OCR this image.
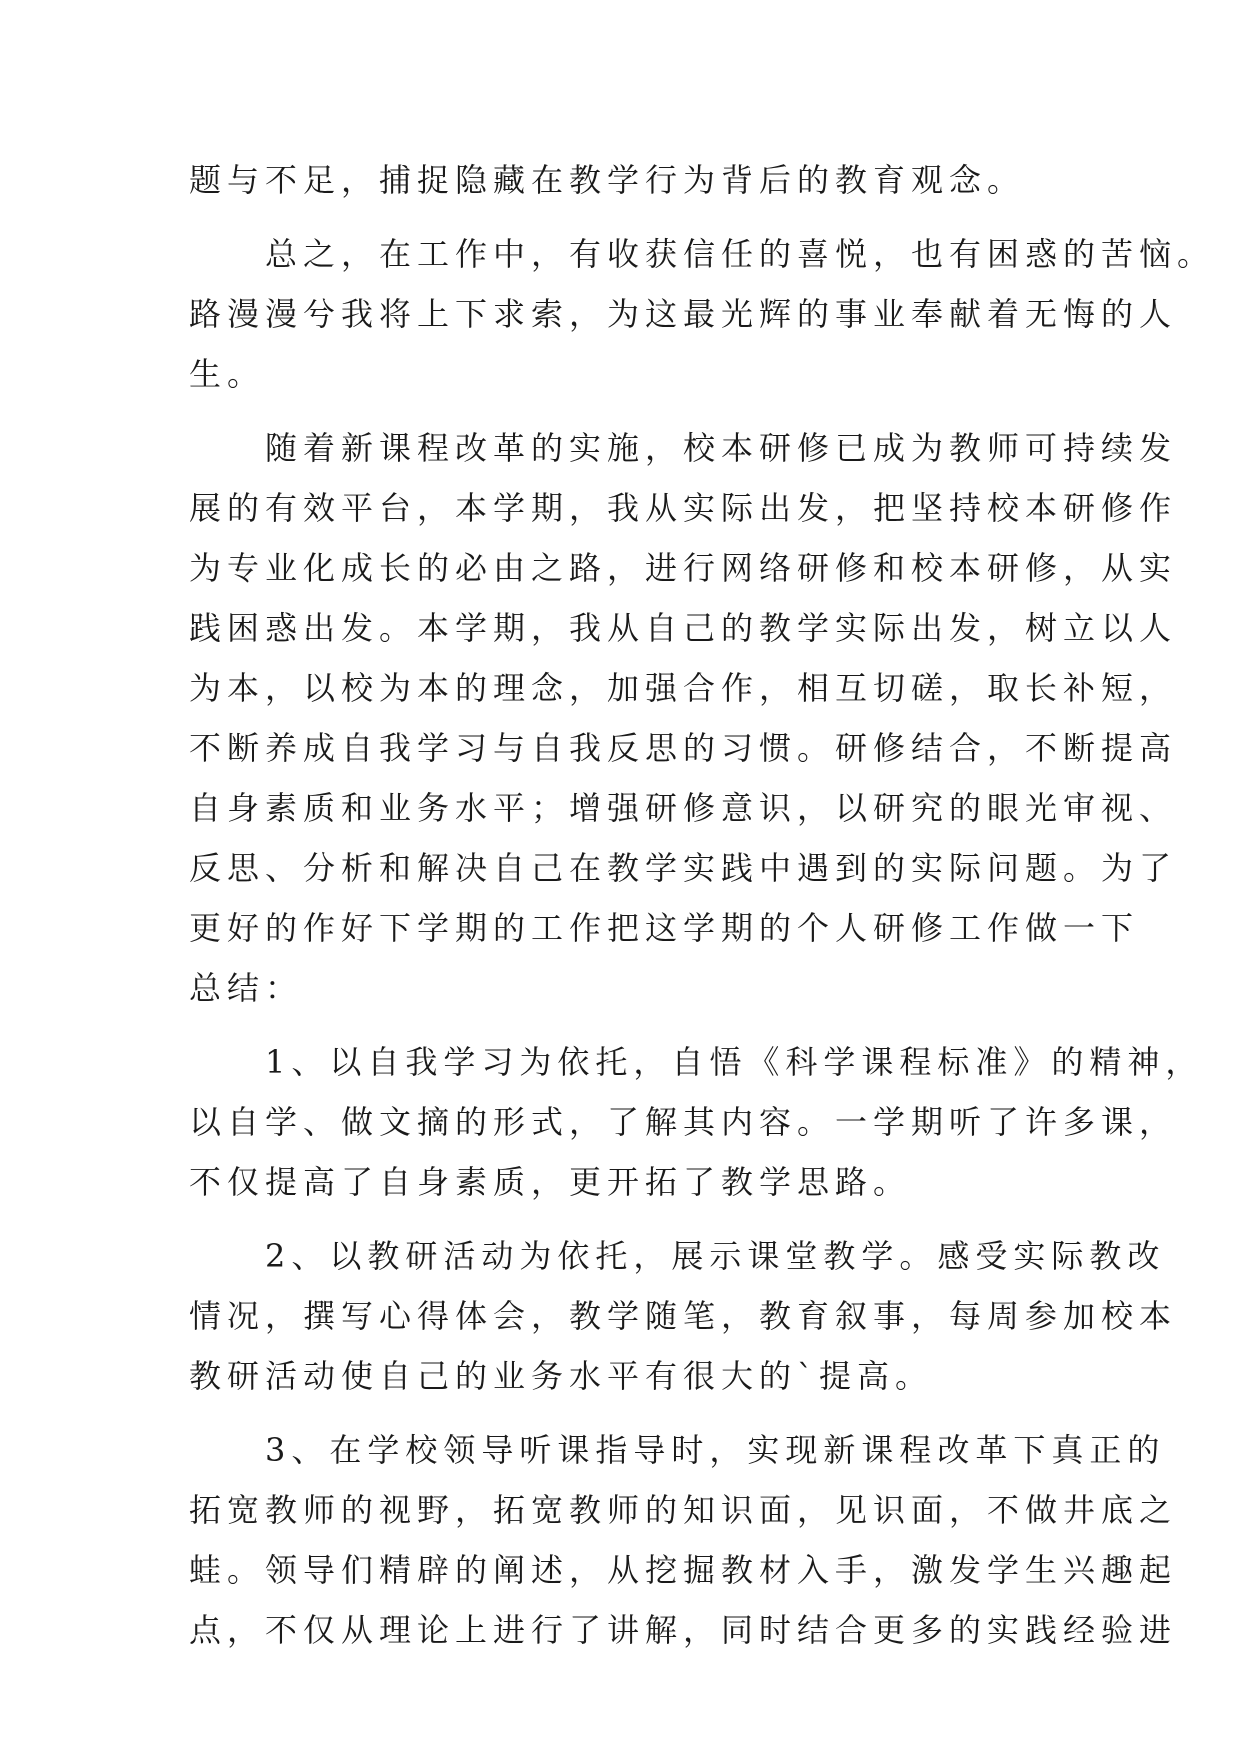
题与不足，捕捉隐藏在教学行为背后的教育观念。
总之，在工作中，有收获信任的喜悦，也有困惑的苦恼。
路漫漫兮我将上下求索，为这最光辉的事业奉献着无悔的人
生。
随着新课程改革的实施，校本研修已成为教师可持续发
展的有效平台，本学期，我从实际出发，把坚持校本研修作
为专业化成长的必由之路，进行网络研修和校本研修，从实
践困惑出发。本学期，我从自己的教学实际出发，树立以人
为本，以校为本的理念，加强合作，相互切磋，取长补短，
不断养成自我学习与自我反思的习惯。研修结合，不断提高
自身素质和业务水平；增强研修意识，以研究的眼光审视、
反思、分析和解决自己在教学实践中遇到的实际问题。为了
更好的作好下学期的工作把这学期的个人研修工作做一下
总结：
1、以自我学习为依托，自悟《科学课程标准》的精神，
以自学、做文摘的形式，了解其内容。一学期听了许多课，
不仅提高了自身素质，更开拓了教学思路。
2、以教研活动为依托，展示课堂教学。感受实际教改
情况，撰写心得体会，教学随笔，教育叙事，每周参加校本
教研活动使自己的业务水平有很大的`提高。
3、在学校领导听课指导时，实现新课程改革下真正的
拓宽教师的视野，拓宽教师的知识面，见识面，不做井底之
蛙。领导们精辟的阐述，从挖掘教材入手，激发学生兴趣起
点，不仅从理论上进行了讲解，同时结合更多的实践经验进
